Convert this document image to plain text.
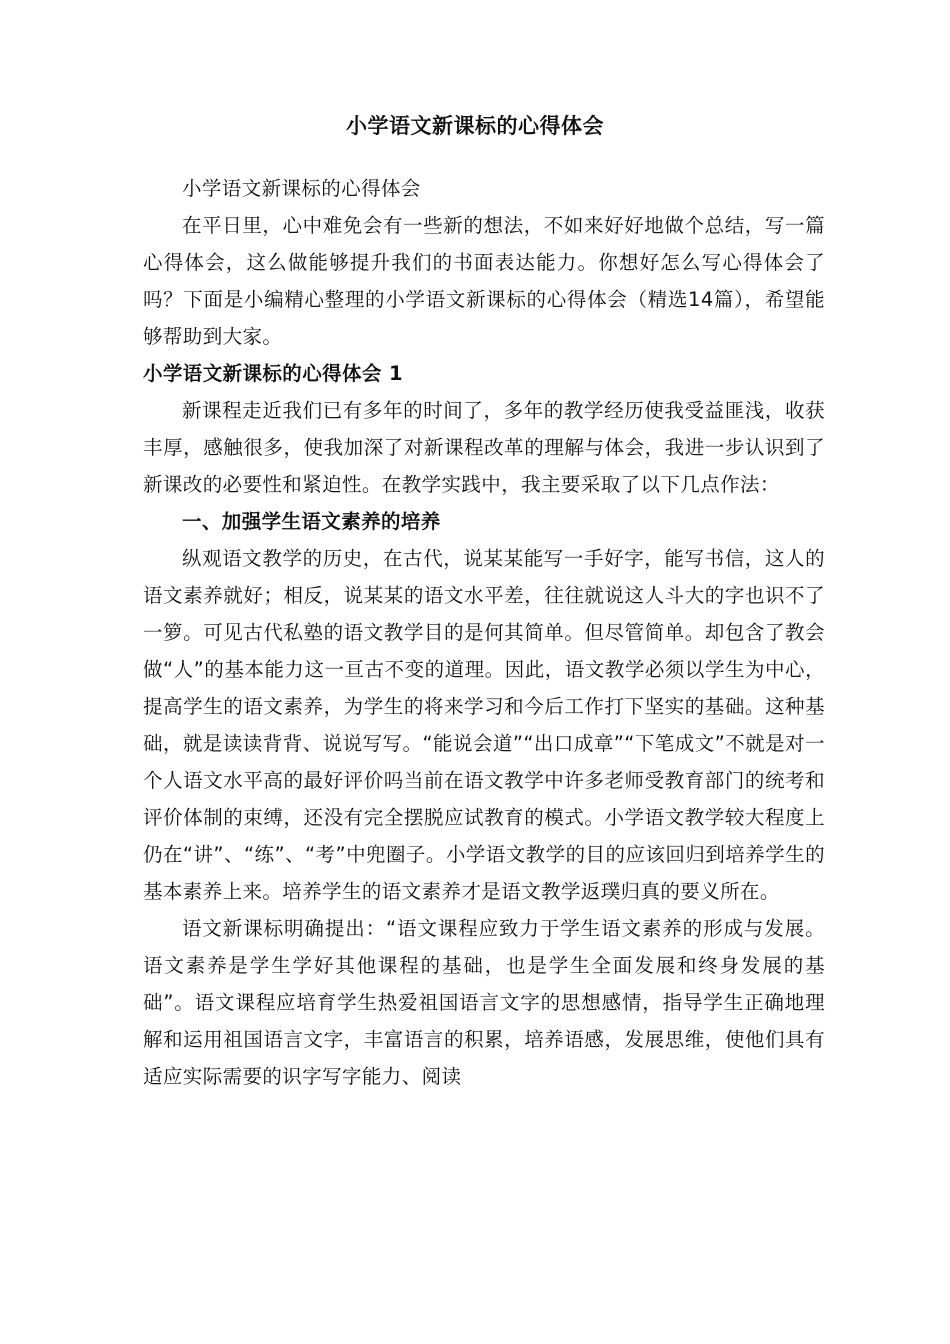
小学语文新课标的心得体会

小学语文新课标的心得体会

在平日里，心中难免会有一些新的想法，不如来好好地做个总结，写一篇心得体会，这么做能够提升我们的书面表达能力。你想好怎么写心得体会了吗？下面是小编精心整理的小学语文新课标的心得体会（精选14篇），希望能够帮助到大家。

小学语文新课标的心得体会 1

新课程走近我们已有多年的时间了，多年的教学经历使我受益匪浅，收获丰厚，感触很多，使我加深了对新课程改革的理解与体会，我进一步认识到了新课改的必要性和紧迫性。在教学实践中，我主要采取了以下几点作法：

一、加强学生语文素养的培养

纵观语文教学的历史，在古代，说某某能写一手好字，能写书信，这人的语文素养就好；相反，说某某的语文水平差，往往就说这人斗大的字也识不了一箩。可见古代私塾的语文教学目的是何其简单。但尽管简单。却包含了教会做“人”的基本能力这一亘古不变的道理。因此，语文教学必须以学生为中心，提高学生的语文素养，为学生的将来学习和今后工作打下坚实的基础。这种基础，就是读读背背、说说写写。“能说会道”“出口成章”“下笔成文”不就是对一个人语文水平高的最好评价吗当前在语文教学中许多老师受教育部门的统考和评价体制的束缚，还没有完全摆脱应试教育的模式。小学语文教学较大程度上仍在“讲”、“练”、“考”中兜圈子。小学语文教学的目的应该回归到培养学生的基本素养上来。培养学生的语文素养才是语文教学返璞归真的要义所在。

语文新课标明确提出：“语文课程应致力于学生语文素养的形成与发展。语文素养是学生学好其他课程的基础，也是学生全面发展和终身发展的基础”。语文课程应培育学生热爱祖国语言文字的思想感情，指导学生正确地理解和运用祖国语言文字，丰富语言的积累，培养语感，发展思维，使他们具有适应实际需要的识字写字能力、阅读
